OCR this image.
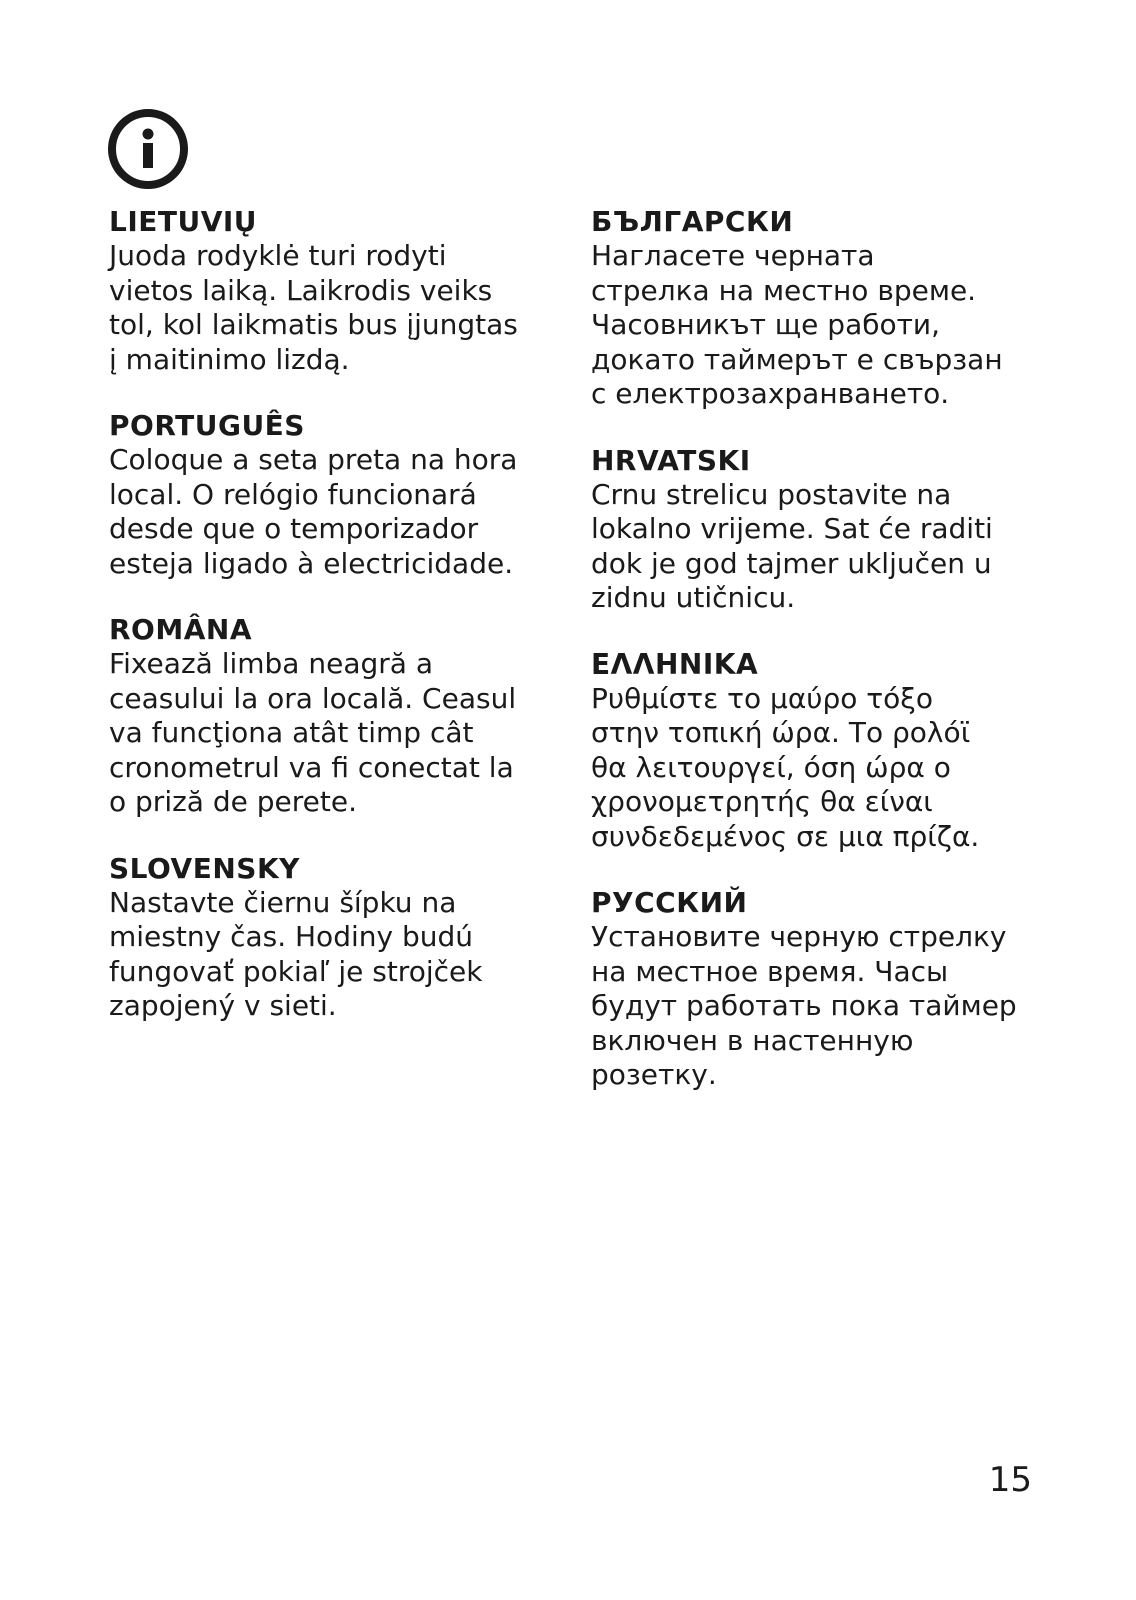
LIETUVIŲ

Juoda rodyklė turi rodyti
vietos laiką. Laikrodis veiks
tol, kol laikmatis bus įjungtas
į maitinimo lizdą.

PORTUGUÊS

Coloque a seta preta na hora
local. O relógio funcionará
desde que o temporizador
esteja ligado à electricidade.

ROMÂNA

Fixează limba neagră a
ceasului la ora locală. Ceasul
va funcţiona atât timp cât
cronometrul va fi conectat la
o priză de perete.

SLOVENSKY

Nastavte čiernu šípku na
miestny čas. Hodiny budú
fungovať pokiaľ je strojček
zapojený v sieti.

БЪЛГАРСКИ

Нагласете черната
стрелка на местно време.
Часовникът ще работи,
докато таймерът е свързан
с електрозахранването.

HRVATSKI

Crnu strelicu postavite na
lokalno vrijeme. Sat će raditi
dok je god tajmer uključen u
zidnu utičnicu.

ΕΛΛΗΝΙΚΑ

Ρυθμίστε το μαύρο τόξο
στην τοπική ώρα. Το ρολόϊ
θα λειτουργεί, όση ώρα ο
χρονομετρητής θα είναι
συνδεδεμένος σε μια πρίζα.

РУССКИЙ

Установите черную стрелку
на местное время. Часы
будут работать пока таймер
включен в настенную
розетку.

15
